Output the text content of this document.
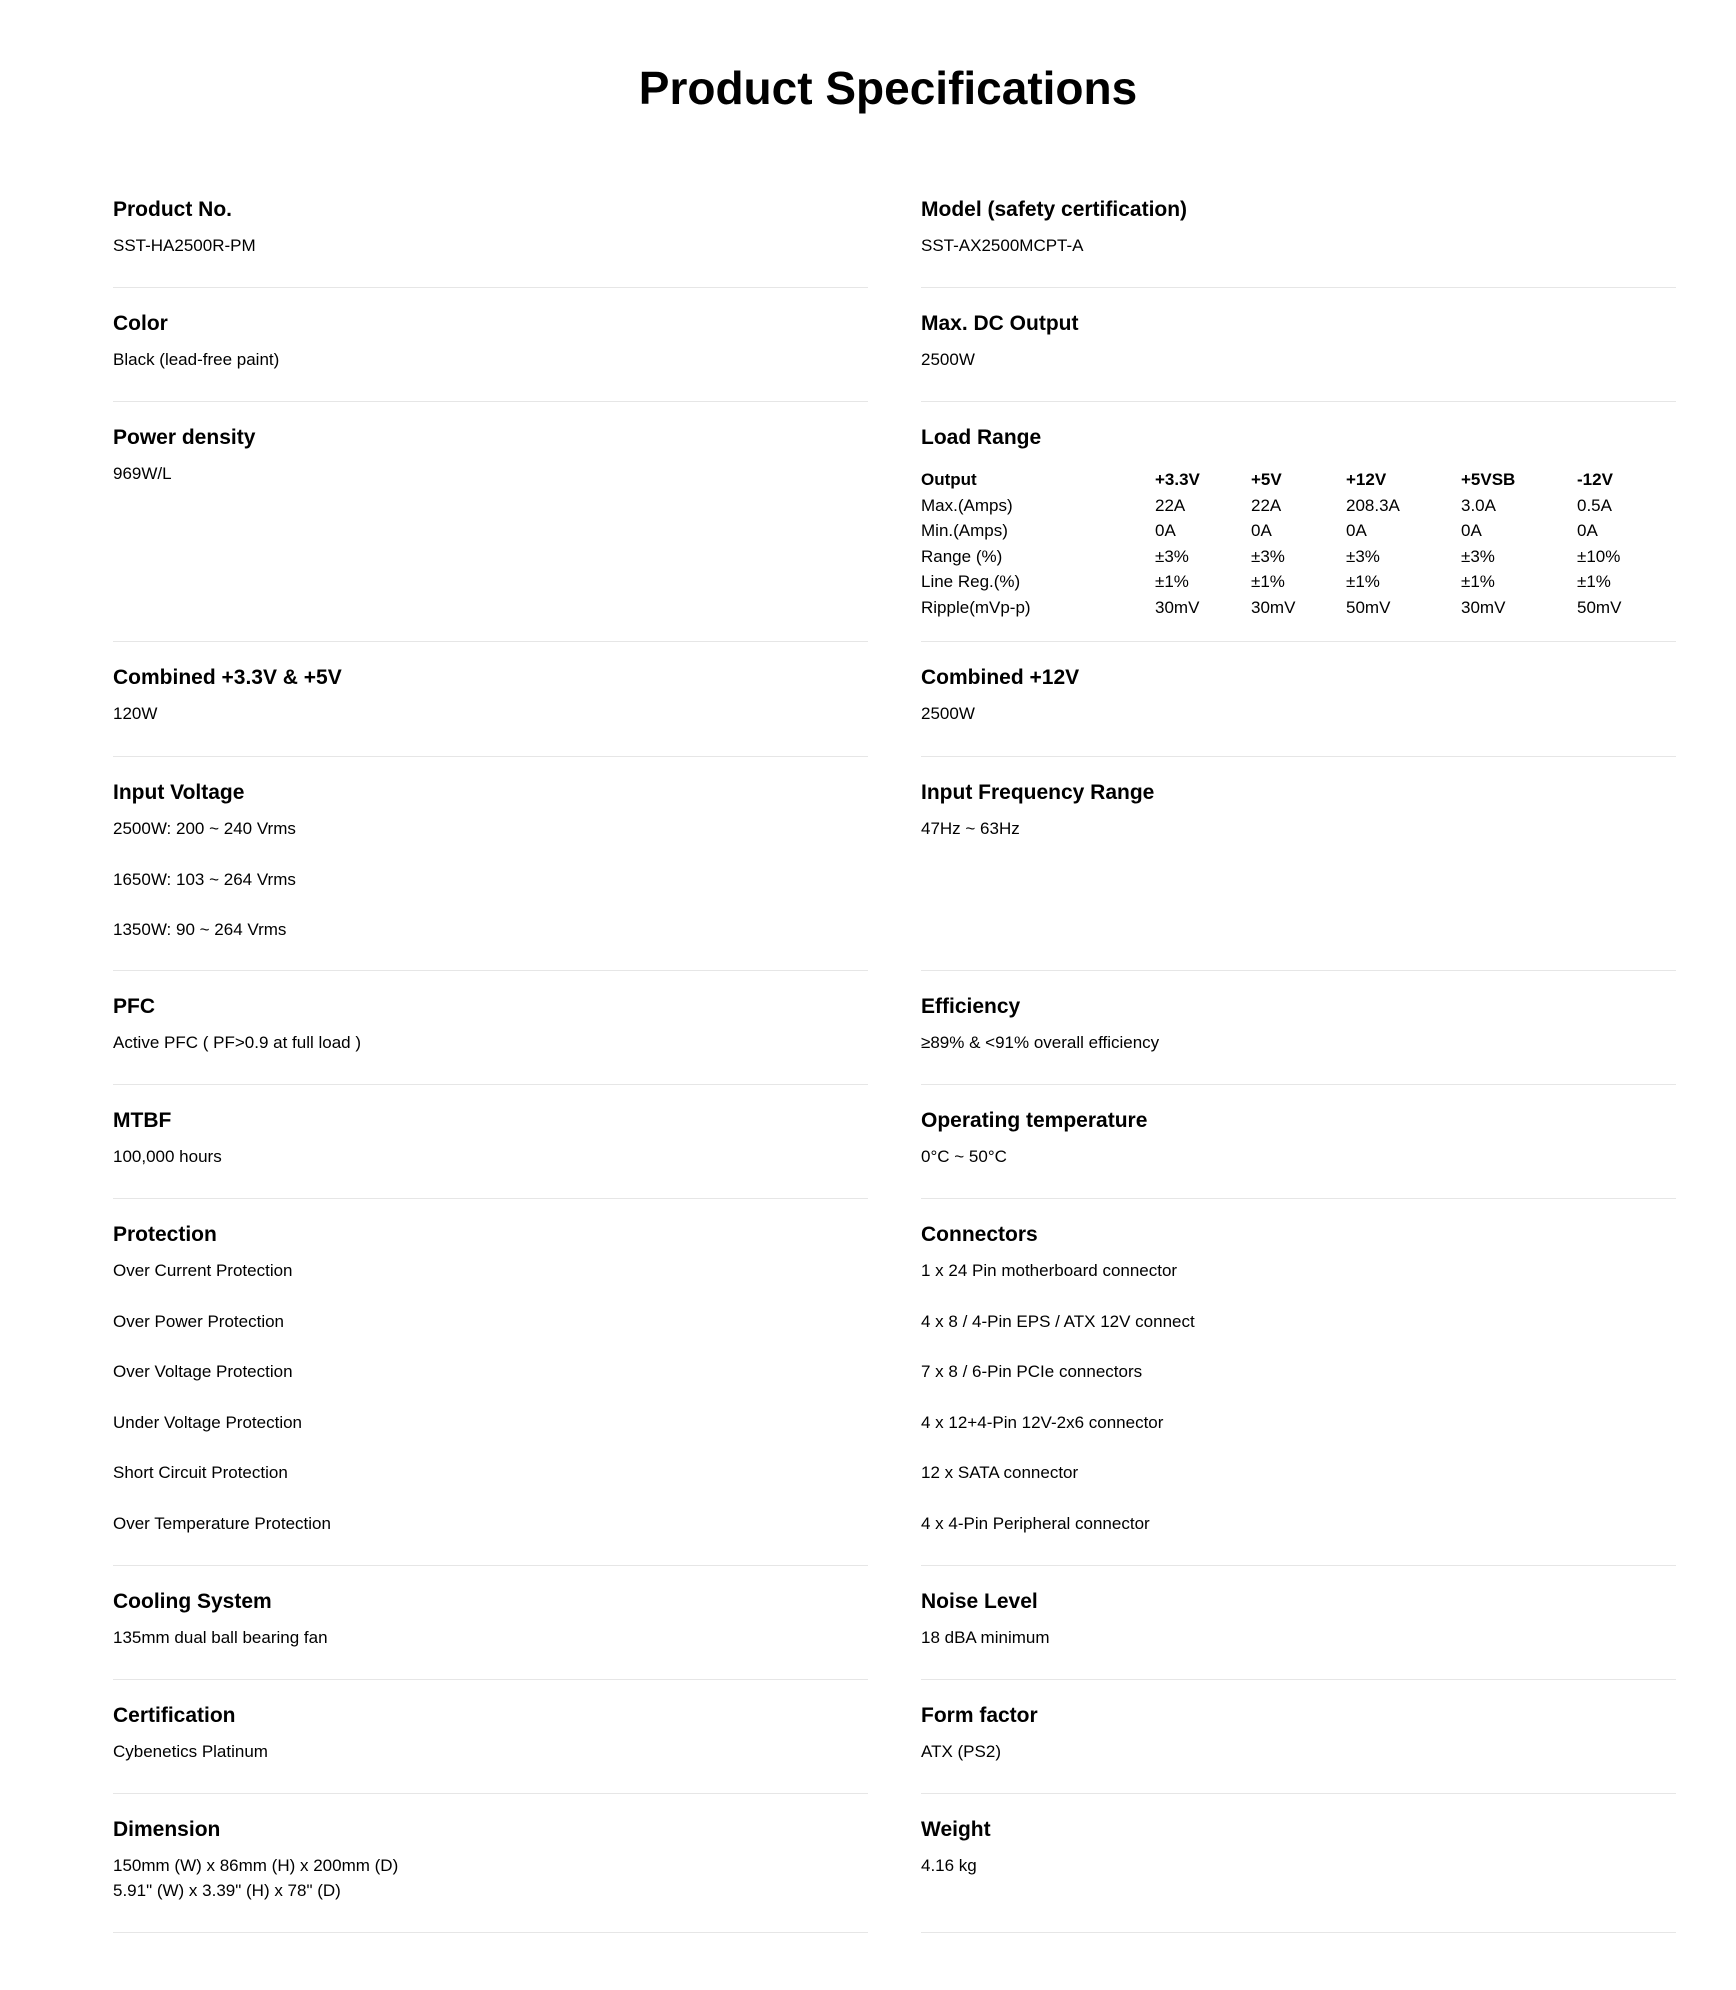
Product Specifications
Product No.
SST-HA2500R-PM
Color
Black (lead-free paint)
Power density
969W/L
Combined +3.3V & +5V
120W
Input Voltage
2500W: 200 ~ 240 Vrms
1650W: 103 ~ 264 Vrms
1350W: 90 ~ 264 Vrms
PFC
Active PFC ( PF>0.9 at full load )
MTBF
100,000 hours
Protection
Over Current Protection
Over Power Protection
Over Voltage Protection
Under Voltage Protection
Short Circuit Protection
Over Temperature Protection
Cooling System
135mm dual ball bearing fan
Certification
Cybenetics Platinum
Dimension
150mm (W) x 86mm (H) x 200mm (D)
5.91" (W) x 3.39" (H) x 78" (D)
Model (safety certification)
SST-AX2500MCPT-A
Max. DC Output
2500W
Load Range
Combined +12V
2500W
Input Frequency Range
47Hz ~ 63Hz
Efficiency
≥89% & <91% overall efficiency
Operating temperature
0°C ~ 50°C
Connectors
1 x 24 Pin motherboard connector
4 x 8 / 4-Pin EPS / ATX 12V connect
7 x 8 / 6-Pin PCIe connectors
4 x 12+4-Pin 12V-2x6 connector
12 x SATA connector
4 x 4-Pin Peripheral connector
Noise Level
18 dBA minimum
Form factor
ATX (PS2)
Weight
4.16 kg
Output	+3.3V	+5V	+12V	+5VSB	-12V
Max.(Amps)	22A	22A	208.3A	3.0A	0.5A
Min.(Amps)	0A	0A	0A	0A	0A
Range (%)	±3%	±3%	±3%	±3%	±10%
Line Reg.(%)	±1%	±1%	±1%	±1%	±1%
Ripple(mVp-p)	30mV	30mV	50mV	30mV	50mV
